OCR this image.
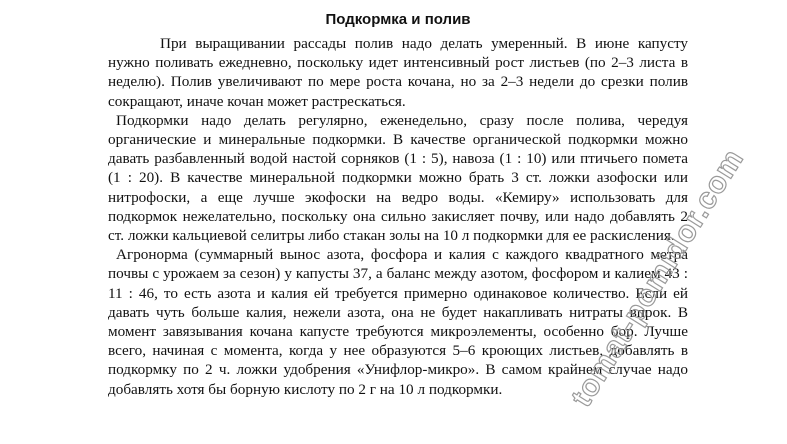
Подкормка и полив

При выращивании рассады полив надо делать умеренный. В июне капусту нужно поливать ежедневно, поскольку идет интенсивный рост листьев (по 2–3 листа в неделю). Полив увеличивают по мере роста кочана, но за 2–3 недели до срезки полив сокращают, иначе кочан может растрескаться.

Подкормки надо делать регулярно, еженедельно, сразу после полива, чередуя органические и минеральные подкормки. В качестве органической подкормки можно давать разбавленный водой настой сорняков (1 : 5), навоза (1 : 10) или птичьего помета (1 : 20). В качестве минеральной подкормки можно брать 3 ст. ложки азофоски или нитрофоски, а еще лучше экофоски на ведро воды. «Кемиру» использовать для подкормок нежелательно, поскольку она сильно закисляет почву, или надо добавлять 2 ст. ложки кальциевой селитры либо стакан золы на 10 л подкормки для ее раскисления.

Агронорма (суммарный вынос азота, фосфора и калия с каждого квадратного метра почвы с урожаем за сезон) у капусты 37, а баланс между азотом, фосфором и калием 43 : 11 : 46, то есть азота и калия ей требуется примерно одинаковое количество. Если ей давать чуть больше калия, нежели азота, она не будет накапливать нитраты впрок. В момент завязывания кочана капусте требуются микроэлементы, особенно бор. Лучше всего, начиная с момента, когда у нее образуются 5–6 кроющих листьев, добавлять в подкормку по 2 ч. ложки удобрения «Унифлор-микро». В самом крайнем случае надо добавлять хотя бы борную кислоту по 2 г на 10 л подкормки.	tomat-pomidor.com
